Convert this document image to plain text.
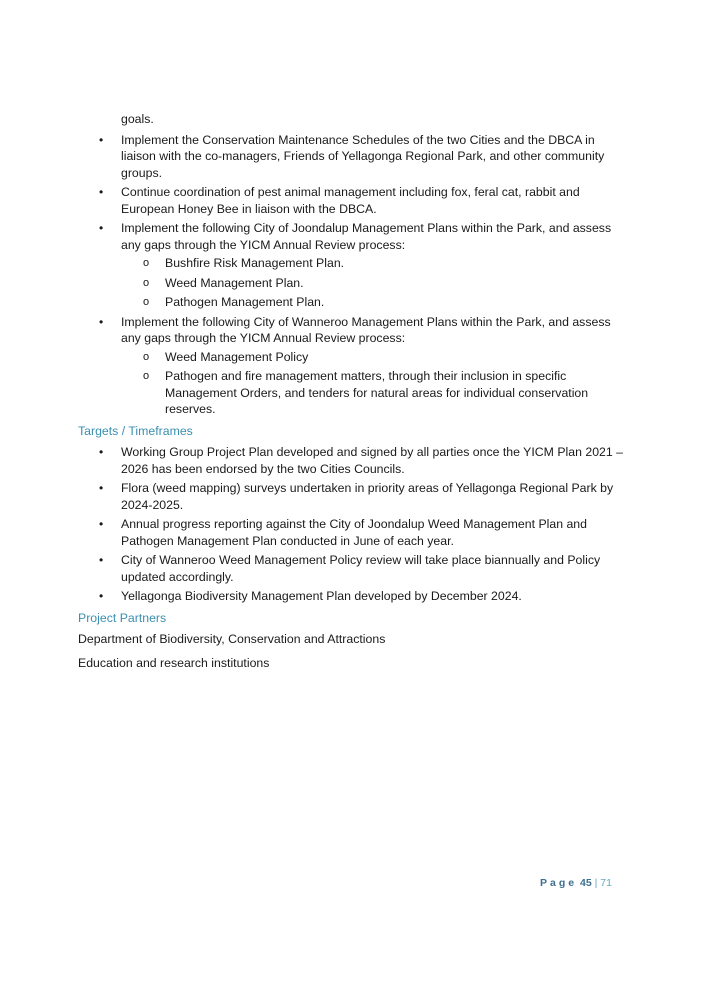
goals.
• Implement the Conservation Maintenance Schedules of the two Cities and the DBCA in liaison with the co-managers, Friends of Yellagonga Regional Park, and other community groups.
• Continue coordination of pest animal management including fox, feral cat, rabbit and European Honey Bee in liaison with the DBCA.
• Implement the following City of Joondalup Management Plans within the Park, and assess any gaps through the YICM Annual Review process:
o Bushfire Risk Management Plan.
o Weed Management Plan.
o Pathogen Management Plan.
• Implement the following City of Wanneroo Management Plans within the Park, and assess any gaps through the YICM Annual Review process:
o Weed Management Policy
o Pathogen and fire management matters, through their inclusion in specific Management Orders, and tenders for natural areas for individual conservation reserves.
Targets / Timeframes
• Working Group Project Plan developed and signed by all parties once the YICM Plan 2021 – 2026 has been endorsed by the two Cities Councils.
• Flora (weed mapping) surveys undertaken in priority areas of Yellagonga Regional Park by 2024-2025.
• Annual progress reporting against the City of Joondalup Weed Management Plan and Pathogen Management Plan conducted in June of each year.
• City of Wanneroo Weed Management Policy review will take place biannually and Policy updated accordingly.
• Yellagonga Biodiversity Management Plan developed by December 2024.
Project Partners
Department of Biodiversity, Conservation and Attractions
Education and research institutions
Page 45 | 71
